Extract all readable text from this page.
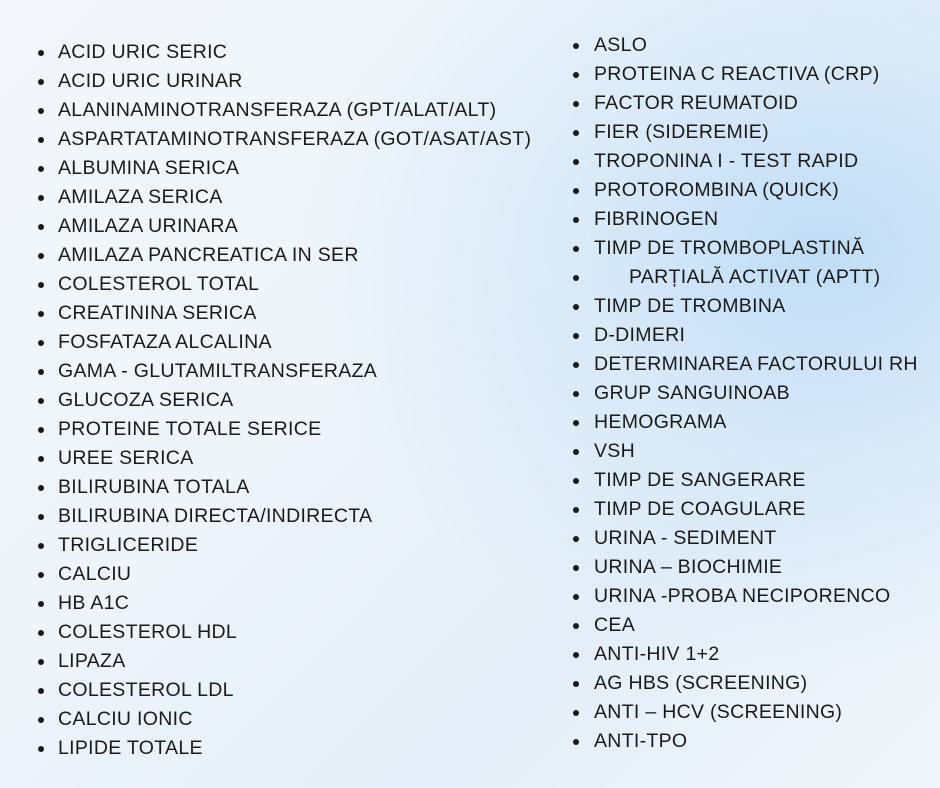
ACID URIC SERIC
ACID URIC URINAR
ALANINAMINOTRANSFERAZA (GPT/ALAT/ALT)
ASPARTATAMINOTRANSFERAZA (GOT/ASAT/AST)
ALBUMINA SERICA
AMILAZA SERICA
AMILAZA URINARA
AMILAZA PANCREATICA IN SER
COLESTEROL TOTAL
CREATININA SERICA
FOSFATAZA ALCALINA
GAMA - GLUTAMILTRANSFERAZA
GLUCOZA SERICA
PROTEINE TOTALE SERICE
UREE SERICA
BILIRUBINA TOTALA
BILIRUBINA DIRECTA/INDIRECTA
TRIGLICERIDE
CALCIU
HB A1C
COLESTEROL HDL
LIPAZA
COLESTEROL LDL
CALCIU IONIC
LIPIDE TOTALE
ASLO
PROTEINA C REACTIVA (CRP)
FACTOR REUMATOID
FIER (SIDEREMIE)
TROPONINA I - TEST RAPID
PROTOROMBINA (QUICK)
FIBRINOGEN
TIMP DE TROMBOPLASTINĂ
PARȚIALĂ ACTIVAT (APTT)
TIMP DE TROMBINA
D-DIMERI
DETERMINAREA FACTORULUI RH
GRUP SANGUINOAB
HEMOGRAMA
VSH
TIMP DE SANGERARE
TIMP DE COAGULARE
URINA - SEDIMENT
URINA – BIOCHIMIE
URINA -PROBA NECIPORENCO
CEA
ANTI-HIV 1+2
AG HBS (SCREENING)
ANTI – HCV (SCREENING)
ANTI-TPO
